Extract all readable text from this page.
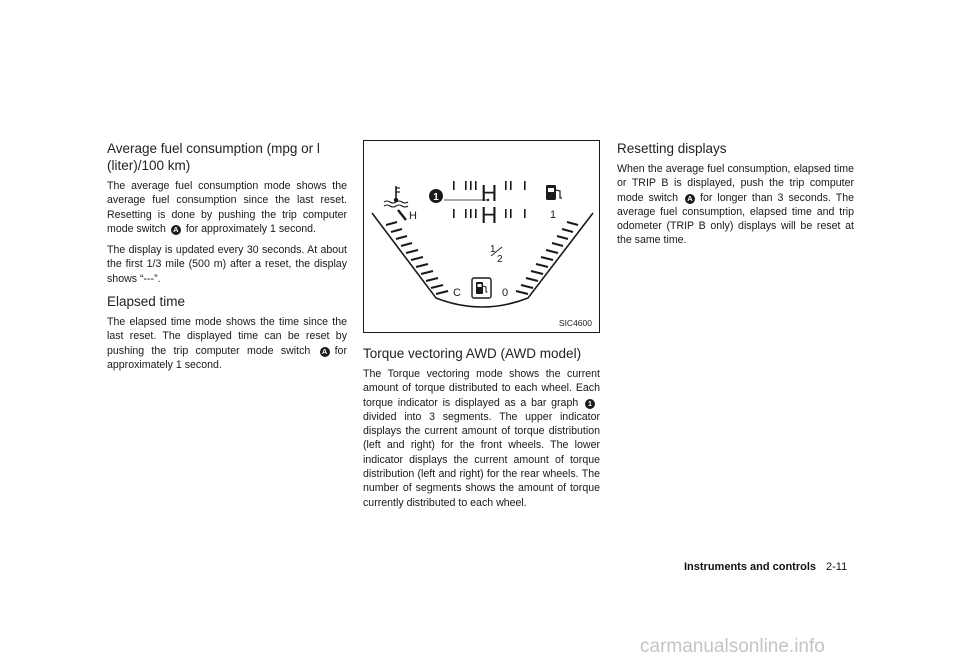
Average fuel consumption (mpg or l (liter)/100 km)

The average fuel consumption mode shows the average fuel consumption since the last reset. Resetting is done by pushing the trip computer mode switch A for approximately 1 second.

The display is updated every 30 seconds. At about the first 1/3 mile (500 m) after a reset, the display shows “---”.

Elapsed time

The elapsed time mode shows the time since the last reset. The displayed time can be reset by pushing the trip computer mode switch A for approximately 1 second.

1 H
H
H
C
1
1
2
0
SIC4600
Torque vectoring AWD (AWD model)

The Torque vectoring mode shows the current amount of torque distributed to each wheel. Each torque indicator is displayed as a bar graph 1divided into 3 segments. The upper indicator displays the current amount of torque distribution (left and right) for the front wheels. The lower indicator displays the current amount of torque distribution (left and right) for the rear wheels. The number of segments shows the amount of torque currently distributed to each wheel.

Resetting displays

When the average fuel consumption, elapsed time or TRIP B is displayed, push the trip computer mode switch A for longer than 3 seconds. The average fuel consumption, elapsed time and trip odometer (TRIP B only) displays will be reset at the same time.

Instruments and controls 2-11
carmanualsonline.info
